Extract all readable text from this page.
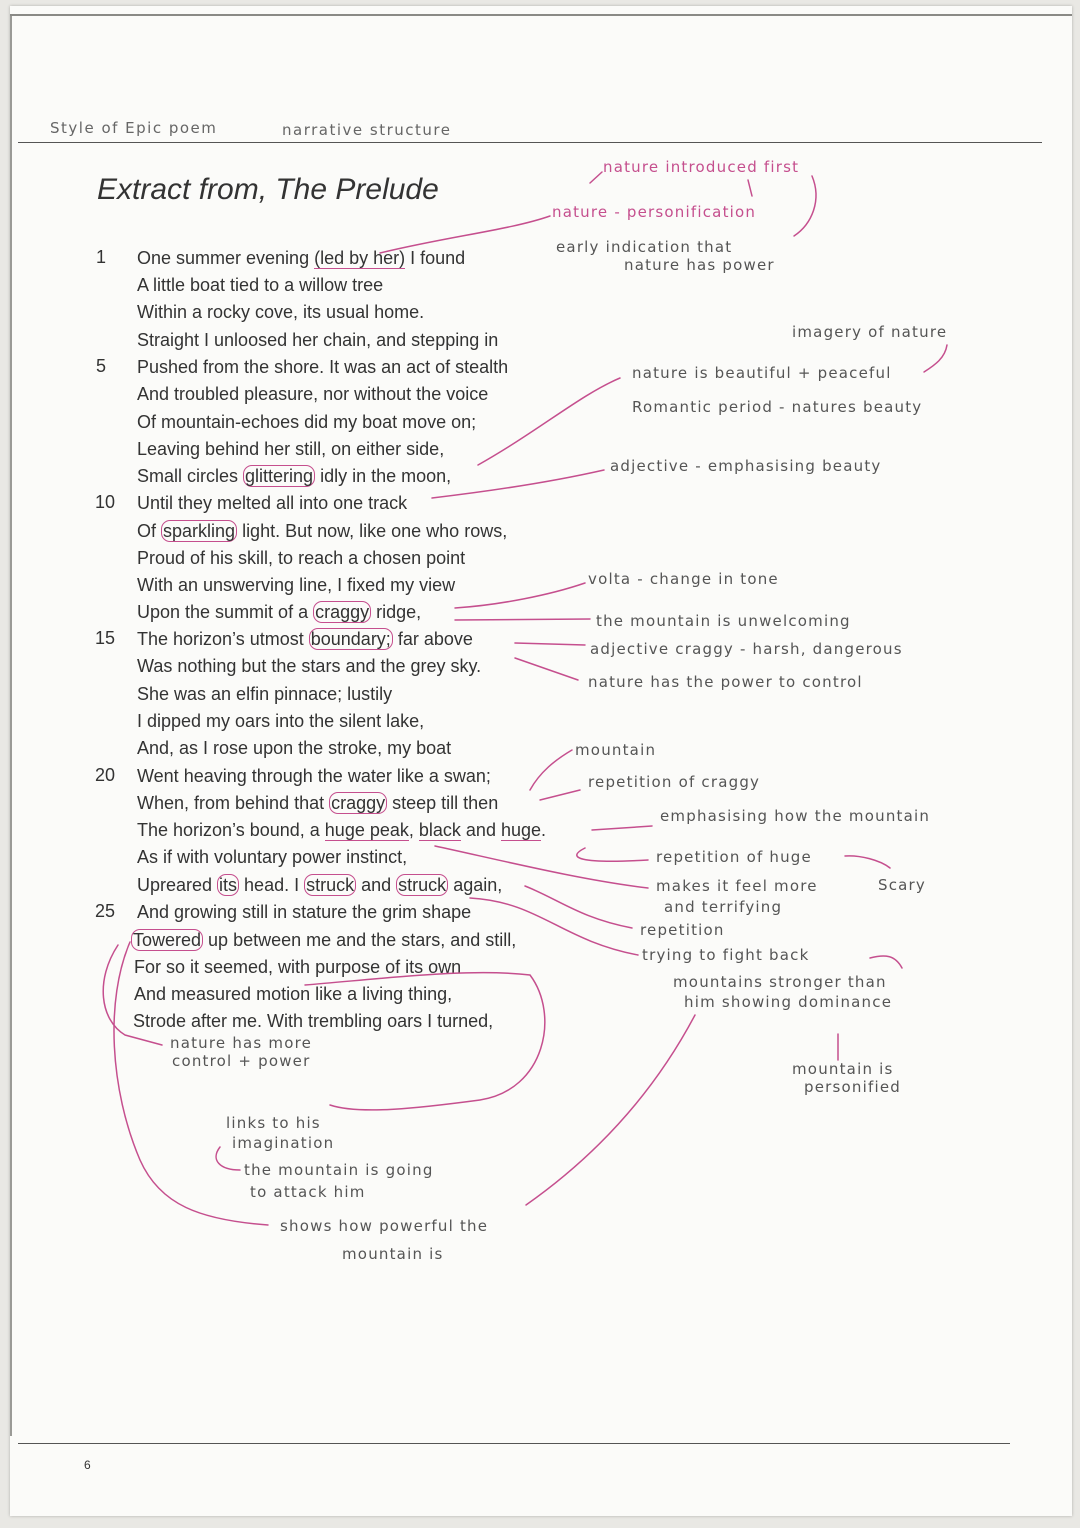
Style of Epic poem	narrative structure
Extract from, The Prelude
One summer evening (led by her) I found
A little boat tied to a willow tree
Within a rocky cove, its usual home.
Straight I unloosed her chain, and stepping in
Pushed from the shore. It was an act of stealth
And troubled pleasure, nor without the voice
Of mountain-echoes did my boat move on;
Leaving behind her still, on either side,
Small circles glittering idly in the moon,
Until they melted all into one track
Of sparkling light. But now, like one who rows,
Proud of his skill, to reach a chosen point
With an unswerving line, I fixed my view
Upon the summit of a craggy ridge,
The horizon’s utmost boundary; far above
Was nothing but the stars and the grey sky.
She was an elfin pinnace; lustily
I dipped my oars into the silent lake,
And, as I rose upon the stroke, my boat
Went heaving through the water like a swan;
When, from behind that craggy steep till then
The horizon’s bound, a huge peak, black and huge.
As if with voluntary power instinct,
Upreared its head. I struck and struck again,
And growing still in stature the grim shape
Towered up between me and the stars, and still,
For so it seemed, with purpose of its own
And measured motion like a living thing,
Strode after me. With trembling oars I turned,
1
5
10
15
20
25
nature introduced first
nature - personification
early indication that
nature has power
imagery of nature
nature is beautiful + peaceful
Romantic period - natures beauty
adjective - emphasising beauty
volta - change in tone
the mountain is unwelcoming
adjective craggy - harsh, dangerous
nature has the power to control
mountain
repetition of craggy
emphasising how the mountain
repetition of huge
Scary
makes it feel more
and terrifying
repetition
trying to fight back
mountains stronger than
him showing dominance
mountain is
personified
nature has more
control + power
links to his
imagination
the mountain is going
to attack him
shows how powerful the
mountain is
6
